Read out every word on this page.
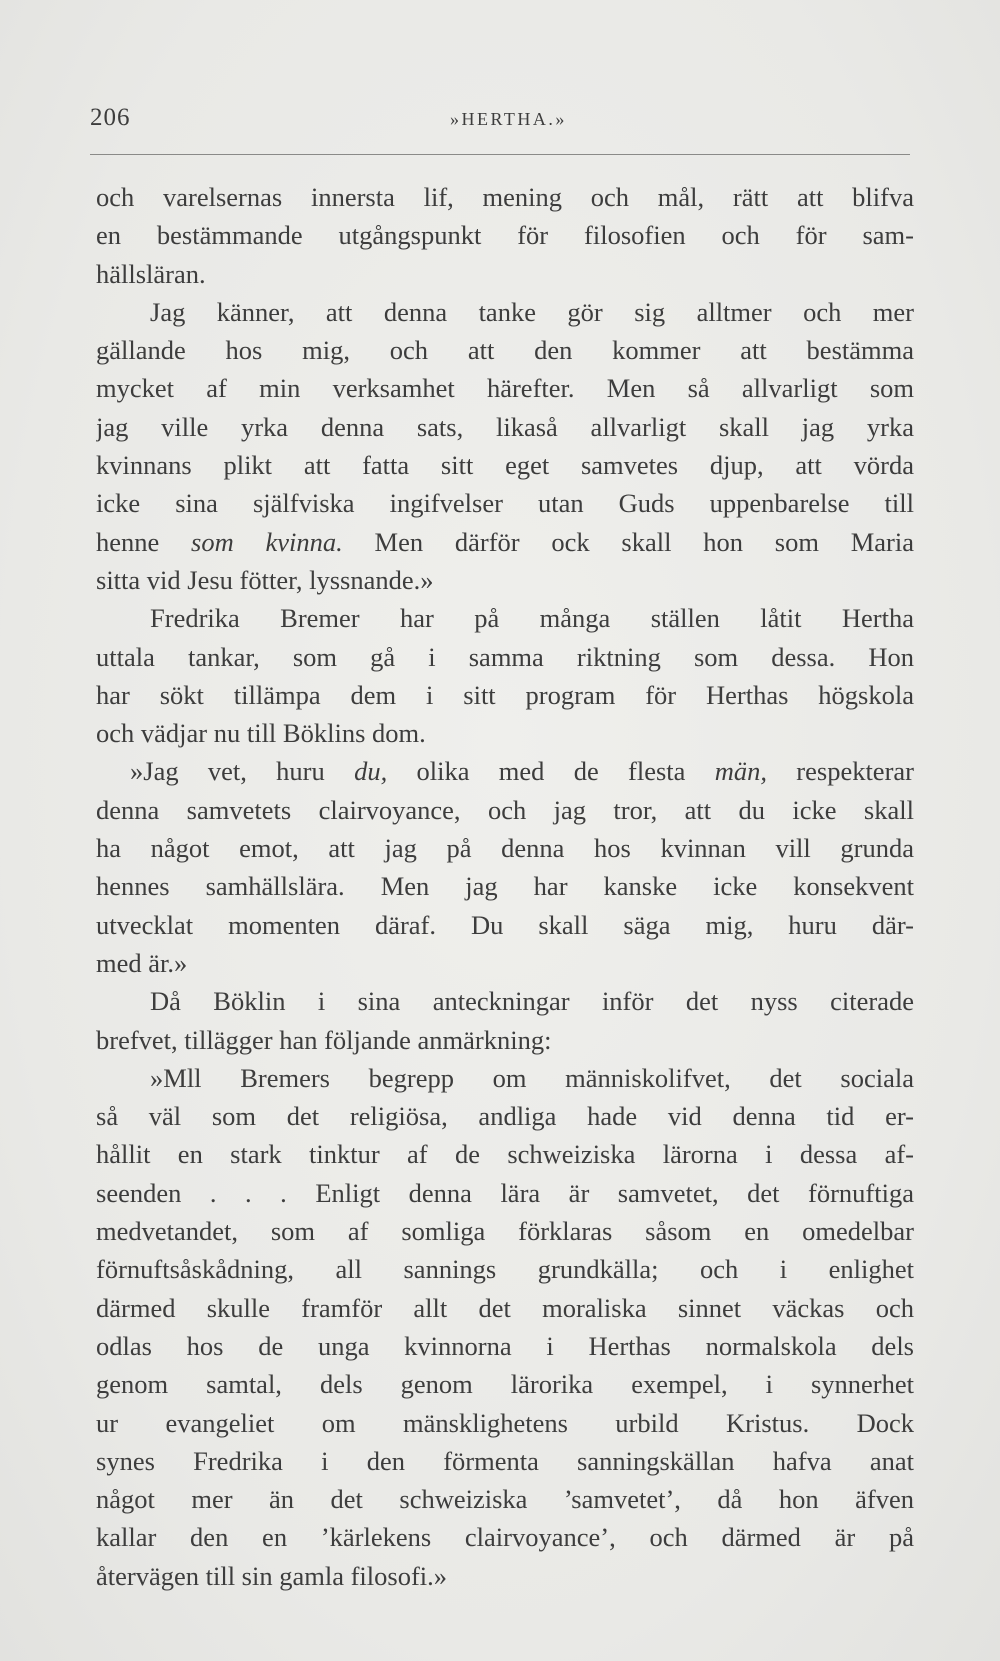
206	»HERTHA.»
och varelsernas innersta lif, mening och mål, rätt att blifva
en bestämmande utgångspunkt för filosofien och för sam-
hällsläran.
Jag känner, att denna tanke gör sig alltmer och mer
gällande hos mig, och att den kommer att bestämma
mycket af min verksamhet härefter. Men så allvarligt som
jag ville yrka denna sats, likaså allvarligt skall jag yrka
kvinnans plikt att fatta sitt eget samvetes djup, att vörda
icke sina själfviska ingifvelser utan Guds uppenbarelse till
henne som kvinna. Men därför ock skall hon som Maria
sitta vid Jesu fötter, lyssnande.»
Fredrika Bremer har på många ställen låtit Hertha
uttala tankar, som gå i samma riktning som dessa. Hon
har sökt tillämpa dem i sitt program för Herthas högskola
och vädjar nu till Böklins dom.
»Jag vet, huru du, olika med de flesta män, respekterar
denna samvetets clairvoyance, och jag tror, att du icke skall
ha något emot, att jag på denna hos kvinnan vill grunda
hennes samhällslära. Men jag har kanske icke konsekvent
utvecklat momenten däraf. Du skall säga mig, huru där-
med är.»
Då Böklin i sina anteckningar inför det nyss citerade
brefvet, tillägger han följande anmärkning:
»Mll Bremers begrepp om människolifvet, det sociala
så väl som det religiösa, andliga hade vid denna tid er-
hållit en stark tinktur af de schweiziska lärorna i dessa af-
seenden . . . Enligt denna lära är samvetet, det förnuftiga
medvetandet, som af somliga förklaras såsom en omedelbar
förnuftsåskådning, all sannings grundkälla; och i enlighet
därmed skulle framför allt det moraliska sinnet väckas och
odlas hos de unga kvinnorna i Herthas normalskola dels
genom samtal, dels genom lärorika exempel, i synnerhet
ur evangeliet om mänsklighetens urbild Kristus. Dock
synes Fredrika i den förmenta sanningskällan hafva anat
något mer än det schweiziska ’samvetet’, då hon äfven
kallar den en ’kärlekens clairvoyance’, och därmed är på
återvägen till sin gamla filosofi.»
